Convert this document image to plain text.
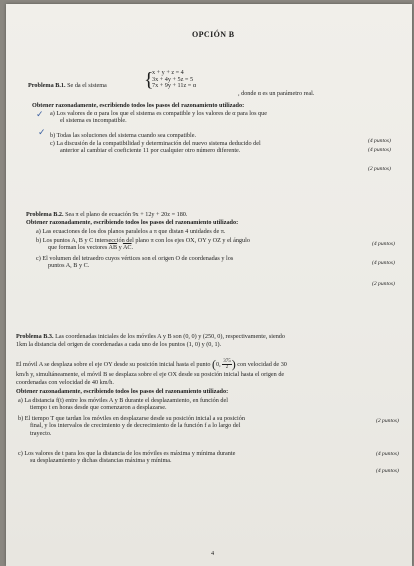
OPCIÓN B
Problema B.1. Se da el sistema {
x + y + z = 4
3x + 4y + 5z = 5
7x + 9y + 11z = α
, donde α es un parámetro real.
Obtener razonadamente, escribiendo todos los pasos del razonamiento utilizado:
a) Los valores de α para los que el sistema es compatible y los valores de α para los que
el sistema es incompatible.
b) Todas las soluciones del sistema cuando sea compatible.
c) La discusión de la compatibilidad y determinación del nuevo sistema deducido del
anterior al cambiar el coeficiente 11 por cualquier otro número diferente.
(4 puntos)
(4 puntos)
(2 puntos)
✓
✓
Problema B.2. Sea π el plano de ecuación 9x + 12y + 20z = 180.
Obtener razonadamente, escribiendo todos los pasos del razonamiento utilizado:
a) Las ecuaciones de los dos planos paralelos a π que distan 4 unidades de π.
b) Los puntos A, B y C intersección del plano π con los ejes OX, OY y OZ y el ángulo
que forman los vectores $\overline{AB}$ y $\overline{AC}$.
c) El volumen del tetraedro cuyos vértices son el origen O de coordenadas y los
puntos A, B y C.
(4 puntos)
(4 puntos)
(2 puntos)
Problema B.3. Las coordenadas iniciales de los móviles A y B son (0, 0) y (250, 0), respectivamente, siendo
1km la distancia del origen de coordenadas a cada uno de los puntos (1, 0) y (0, 1).
El móvil A se desplaza sobre el eje OY desde su posición inicial hasta el punto (0, $\frac{375}{2}$ ) con velocidad de 30
km/h y, simultáneamente, el móvil B se desplaza sobre el eje OX desde su posición inicial hasta el origen de
coordenadas con velocidad de 40 km/h.
Obtener razonadamente, escribiendo todos los pasos del razonamiento utilizado:
a) La distancia f(t) entre los móviles A y B durante el desplazamiento, en función del
tiempo t en horas desde que comenzaron a desplazarse.
b) El tiempo T que tardan los móviles en desplazarse desde su posición inicial a su posición
final, y los intervalos de crecimiento y de decrecimiento de la función f a lo largo del
trayecto.
c) Los valores de t para los que la distancia de los móviles es máxima y mínima durante
su desplazamiento y dichas distancias máxima y mínima.
(2 puntos)
(4 puntos)
(4 puntos)
4
